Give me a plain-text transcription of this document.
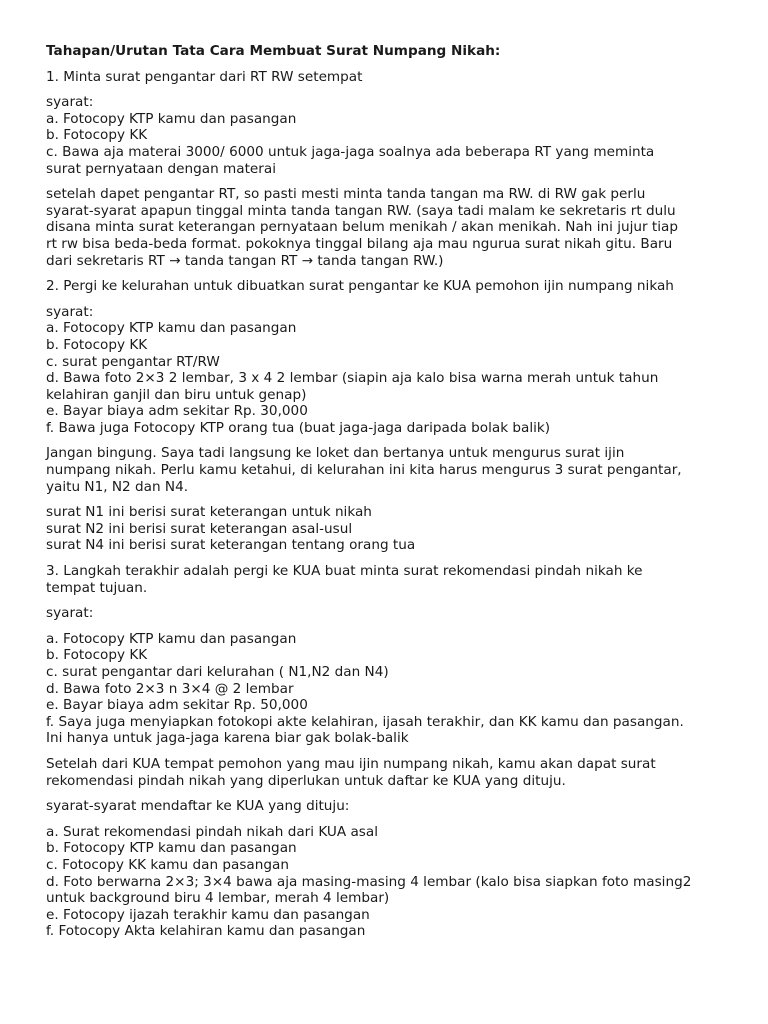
Tahapan/Urutan Tata Cara Membuat Surat Numpang Nikah:
1. Minta surat pengantar dari RT RW setempat
syarat:
a. Fotocopy KTP kamu dan pasangan
b. Fotocopy KK
c. Bawa aja materai 3000/ 6000 untuk jaga-jaga soalnya ada beberapa RT yang meminta
surat pernyataan dengan materai
setelah dapet pengantar RT, so pasti mesti minta tanda tangan ma RW. di RW gak perlu
syarat-syarat apapun tinggal minta tanda tangan RW. (saya tadi malam ke sekretaris rt dulu
disana minta surat keterangan pernyataan belum menikah / akan menikah. Nah ini jujur tiap
rt rw bisa beda-beda format. pokoknya tinggal bilang aja mau ngurua surat nikah gitu. Baru
dari sekretaris RT → tanda tangan RT → tanda tangan RW.)
2. Pergi ke kelurahan untuk dibuatkan surat pengantar ke KUA pemohon ijin numpang nikah
syarat:
a. Fotocopy KTP kamu dan pasangan
b. Fotocopy KK
c. surat pengantar RT/RW
d. Bawa foto 2×3 2 lembar, 3 x 4 2 lembar (siapin aja kalo bisa warna merah untuk tahun
kelahiran ganjil dan biru untuk genap)
e. Bayar biaya adm sekitar Rp. 30,000
f. Bawa juga Fotocopy KTP orang tua (buat jaga-jaga daripada bolak balik)
Jangan bingung. Saya tadi langsung ke loket dan bertanya untuk mengurus surat ijin
numpang nikah. Perlu kamu ketahui, di kelurahan ini kita harus mengurus 3 surat pengantar,
yaitu N1, N2 dan N4.
surat N1 ini berisi surat keterangan untuk nikah
surat N2 ini berisi surat keterangan asal-usul
surat N4 ini berisi surat keterangan tentang orang tua
3. Langkah terakhir adalah pergi ke KUA buat minta surat rekomendasi pindah nikah ke
tempat tujuan.
syarat:
a. Fotocopy KTP kamu dan pasangan
b. Fotocopy KK
c. surat pengantar dari kelurahan ( N1,N2 dan N4)
d. Bawa foto 2×3 n 3×4 @ 2 lembar
e. Bayar biaya adm sekitar Rp. 50,000
f. Saya juga menyiapkan fotokopi akte kelahiran, ijasah terakhir, dan KK kamu dan pasangan.
Ini hanya untuk jaga-jaga karena biar gak bolak-balik
Setelah dari KUA tempat pemohon yang mau ijin numpang nikah, kamu akan dapat surat
rekomendasi pindah nikah yang diperlukan untuk daftar ke KUA yang dituju.
syarat-syarat mendaftar ke KUA yang dituju:
a. Surat rekomendasi pindah nikah dari KUA asal
b. Fotocopy KTP kamu dan pasangan
c. Fotocopy KK kamu dan pasangan
d. Foto berwarna 2×3; 3×4 bawa aja masing-masing 4 lembar (kalo bisa siapkan foto masing2
untuk background biru 4 lembar, merah 4 lembar)
e. Fotocopy ijazah terakhir kamu dan pasangan
f. Fotocopy Akta kelahiran kamu dan pasangan
